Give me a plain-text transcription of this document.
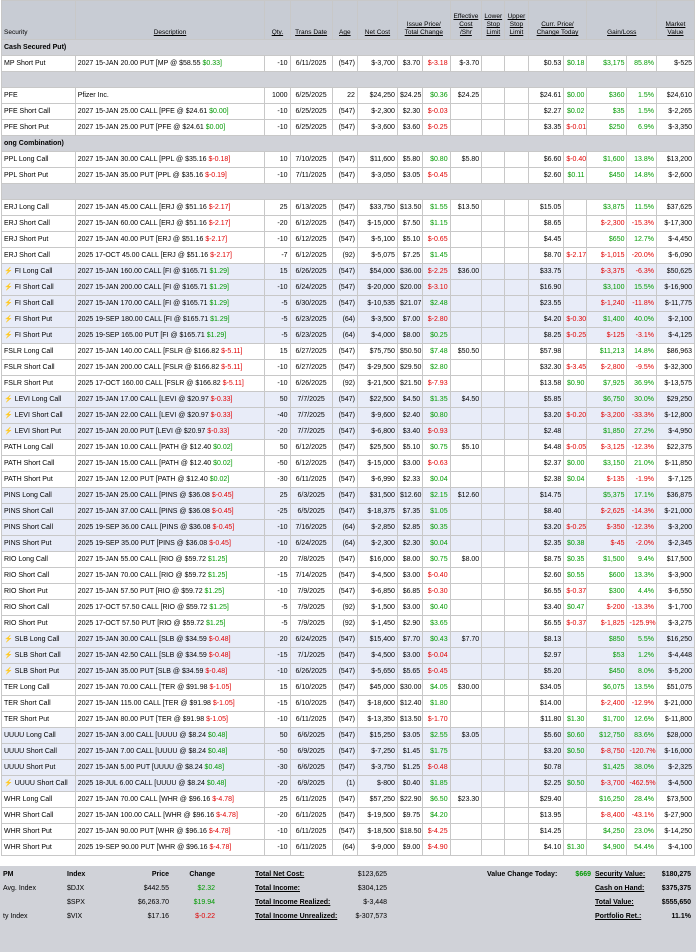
Security	Description	Qty.	Trans Date	Age	Net Cost	Issue Price/ Total Change		Effective Cost /Shr	Lower Stop Limit	Upper Stop Limit	Curr. Price/ Change Today		Gain/Loss		Market Value
Cash Secured Put)															
MP Short Put	2027 15-JAN 20.00 PUT [MP @ $58.55 $0.33]	-10	6/11/2025	(547)	$-3,700	$3.70	$-3.18	$-3.70			$0.53	$0.18	$3,175	85.8%	$-525

PFE	Pfizer Inc.	1000	6/25/2025	22	$24,250	$24.25	$0.36	$24.25			$24.61	$0.00	$360	1.5%	$24,610
PFE Short Call	2027 15-JAN 25.00 CALL [PFE @ $24.61 $0.00]	-10	6/25/2025	(547)	$-2,300	$2.30	$-0.03				$2.27	$0.02	$35	1.5%	$-2,265
PFE Short Put	2027 15-JAN 25.00 PUT [PFE @ $24.61 $0.00]	-10	6/25/2025	(547)	$-3,600	$3.60	$-0.25				$3.35	$-0.01	$250	6.9%	$-3,350
ong Combination)															
PPL Long Call	2027 15-JAN 30.00 CALL [PPL @ $35.16 $-0.18]	10	7/10/2025	(547)	$11,600	$5.80	$0.80	$5.80			$6.60	$-0.40	$1,600	13.8%	$13,200
PPL Short Put	2027 15-JAN 35.00 PUT [PPL @ $35.16 $-0.19]	-10	7/11/2025	(547)	$-3,050	$3.05	$-0.45				$2.60	$0.11	$450	14.8%	$-2,600

ERJ Long Call	2027 15-JAN 45.00 CALL [ERJ @ $51.16 $-2.17]	25	6/13/2025	(547)	$33,750	$13.50	$1.55	$13.50			$15.05		$3,875	11.5%	$37,625
ERJ Short Call	2027 15-JAN 60.00 CALL [ERJ @ $51.16 $-2.17]	-20	6/12/2025	(547)	$-15,000	$7.50	$1.15				$8.65		$-2,300	-15.3%	$-17,300
ERJ Short Put	2027 15-JAN 40.00 PUT [ERJ @ $51.16 $-2.17]	-10	6/12/2025	(547)	$-5,100	$5.10	$-0.65				$4.45		$650	12.7%	$-4,450
ERJ Short Call	2025 17-OCT 45.00 CALL [ERJ @ $51.16 $-2.17]	-7	6/12/2025	(92)	$-5,075	$7.25	$1.45				$8.70	$-2.17	$-1,015	-20.0%	$-6,090
⚡ FI Long Call	2027 15-JAN 160.00 CALL [FI @ $165.71 $1.29]	15	6/26/2025	(547)	$54,000	$36.00	$-2.25	$36.00			$33.75		$-3,375	-6.3%	$50,625
⚡ FI Short Call	2027 15-JAN 200.00 CALL [FI @ $165.71 $1.29]	-10	6/24/2025	(547)	$-20,000	$20.00	$-3.10				$16.90		$3,100	15.5%	$-16,900
⚡ FI Short Call	2027 15-JAN 170.00 CALL [FI @ $165.71 $1.29]	-5	6/30/2025	(547)	$-10,535	$21.07	$2.48				$23.55		$-1,240	-11.8%	$-11,775
⚡ FI Short Put	2025 19-SEP 180.00 CALL [FI @ $165.71 $1.29]	-5	6/23/2025	(64)	$-3,500	$7.00	$-2.80				$4.20	$-0.30	$1,400	40.0%	$-2,100
⚡ FI Short Put	2025 19-SEP 165.00 PUT [FI @ $165.71 $1.29]	-5	6/23/2025	(64)	$-4,000	$8.00	$0.25				$8.25	$-0.25	$-125	-3.1%	$-4,125
FSLR Long Call	2027 15-JAN 140.00 CALL [FSLR @ $166.82 $-5.11]	15	6/27/2025	(547)	$75,750	$50.50	$7.48	$50.50			$57.98		$11,213	14.8%	$86,963
FSLR Short Call	2027 15-JAN 200.00 CALL [FSLR @ $166.82 $-5.11]	-10	6/27/2025	(547)	$-29,500	$29.50	$2.80				$32.30	$-3.45	$-2,800	-9.5%	$-32,300
FSLR Short Put	2025 17-OCT 160.00 CALL [FSLR @ $166.82 $-5.11]	-10	6/26/2025	(92)	$-21,500	$21.50	$-7.93				$13.58	$0.90	$7,925	36.9%	$-13,575
⚡ LEVI Long Call	2027 15-JAN 17.00 CALL [LEVI @ $20.97 $-0.33]	50	7/7/2025	(547)	$22,500	$4.50	$1.35	$4.50			$5.85		$6,750	30.0%	$29,250
⚡ LEVI Short Call	2027 15-JAN 22.00 CALL [LEVI @ $20.97 $-0.33]	-40	7/7/2025	(547)	$-9,600	$2.40	$0.80				$3.20	$-0.20	$-3,200	-33.3%	$-12,800
⚡ LEVI Short Put	2027 15-JAN 20.00 PUT [LEVI @ $20.97 $-0.33]	-20	7/7/2025	(547)	$-6,800	$3.40	$-0.93				$2.48		$1,850	27.2%	$-4,950
PATH Long Call	2027 15-JAN 10.00 CALL [PATH @ $12.40 $0.02]	50	6/12/2025	(547)	$25,500	$5.10	$0.75	$5.10			$4.48	$-0.05	$-3,125	-12.3%	$22,375
PATH Short Call	2027 15-JAN 15.00 CALL [PATH @ $12.40 $0.02]	-50	6/12/2025	(547)	$-15,000	$3.00	$-0.63				$2.37	$0.00	$3,150	21.0%	$-11,850
PATH Short Put	2027 15-JAN 12.00 PUT [PATH @ $12.40 $0.02]	-30	6/11/2025	(547)	$-6,990	$2.33	$0.04				$2.38	$0.04	$-135	-1.9%	$-7,125
PINS Long Call	2027 15-JAN 25.00 CALL [PINS @ $36.08 $-0.45]	25	6/3/2025	(547)	$31,500	$12.60	$2.15	$12.60			$14.75		$5,375	17.1%	$36,875
PINS Short Call	2027 15-JAN 37.00 CALL [PINS @ $36.08 $-0.45]	-25	6/5/2025	(547)	$-18,375	$7.35	$1.05				$8.40		$-2,625	-14.3%	$-21,000
PINS Short Call	2025 19-SEP 36.00 CALL [PINS @ $36.08 $-0.45]	-10	7/16/2025	(64)	$-2,850	$2.85	$0.35				$3.20	$-0.25	$-350	-12.3%	$-3,200
PINS Short Put	2025 19-SEP 35.00 PUT [PINS @ $36.08 $-0.45]	-10	6/24/2025	(64)	$-2,300	$2.30	$0.04				$2.35	$0.38	$-45	-2.0%	$-2,345
RIO Long Call	2027 15-JAN 55.00 CALL [RIO @ $59.72 $1.25]	20	7/8/2025	(547)	$16,000	$8.00	$0.75	$8.00			$8.75	$0.35	$1,500	9.4%	$17,500
RIO Short Call	2027 15-JAN 70.00 CALL [RIO @ $59.72 $1.25]	-15	7/14/2025	(547)	$-4,500	$3.00	$-0.40				$2.60	$0.55	$600	13.3%	$-3,900
RIO Short Put	2027 15-JAN 57.50 PUT [RIO @ $59.72 $1.25]	-10	7/9/2025	(547)	$-6,850	$6.85	$-0.30				$6.55	$-0.37	$300	4.4%	$-6,550
RIO Short Call	2025 17-OCT 57.50 CALL [RIO @ $59.72 $1.25]	-5	7/9/2025	(92)	$-1,500	$3.00	$0.40				$3.40	$0.47	$-200	-13.3%	$-1,700
RIO Short Put	2025 17-OCT 57.50 PUT [RIO @ $59.72 $1.25]	-5	7/9/2025	(92)	$-1,450	$2.90	$3.65				$6.55	$-0.37	$-1,825	-125.9%	$-3,275
⚡ SLB Long Call	2027 15-JAN 30.00 CALL [SLB @ $34.59 $-0.48]	20	6/24/2025	(547)	$15,400	$7.70	$0.43	$7.70			$8.13		$850	5.5%	$16,250
⚡ SLB Short Call	2027 15-JAN 42.50 CALL [SLB @ $34.59 $-0.48]	-15	7/1/2025	(547)	$-4,500	$3.00	$-0.04				$2.97		$53	1.2%	$-4,448
⚡ SLB Short Put	2027 15-JAN 35.00 PUT [SLB @ $34.59 $-0.48]	-10	6/26/2025	(547)	$-5,650	$5.65	$-0.45				$5.20		$450	8.0%	$-5,200
TER Long Call	2027 15-JAN 70.00 CALL [TER @ $91.98 $-1.05]	15	6/10/2025	(547)	$45,000	$30.00	$4.05	$30.00			$34.05		$6,075	13.5%	$51,075
TER Short Call	2027 15-JAN 115.00 CALL [TER @ $91.98 $-1.05]	-15	6/10/2025	(547)	$-18,600	$12.40	$1.80				$14.00		$-2,400	-12.9%	$-21,000
TER Short Put	2027 15-JAN 80.00 PUT [TER @ $91.98 $-1.05]	-10	6/11/2025	(547)	$-13,350	$13.50	$-1.70				$11.80	$1.30	$1,700	12.6%	$-11,800
UUUU Long Call	2027 15-JAN 3.00 CALL [UUUU @ $8.24 $0.48]	50	6/6/2025	(547)	$15,250	$3.05	$2.55	$3.05			$5.60	$0.60	$12,750	83.6%	$28,000
UUUU Short Call	2027 15-JAN 7.00 CALL [UUUU @ $8.24 $0.48]	-50	6/9/2025	(547)	$-7,250	$1.45	$1.75				$3.20	$0.50	$-8,750	-120.7%	$-16,000
UUUU Short Put	2027 15-JAN 5.00 PUT [UUUU @ $8.24 $0.48]	-30	6/6/2025	(547)	$-3,750	$1.25	$-0.48				$0.78		$1,425	38.0%	$-2,325
⚡ UUUU Short Call	2025 18-JUL 6.00 CALL [UUUU @ $8.24 $0.48]	-20	6/9/2025	(1)	$-800	$0.40	$1.85				$2.25	$0.50	$-3,700	-462.5%	$-4,500
WHR Long Call	2027 15-JAN 70.00 CALL [WHR @ $96.16 $-4.78]	25	6/11/2025	(547)	$57,250	$22.90	$6.50	$23.30			$29.40		$16,250	28.4%	$73,500
WHR Short Call	2027 15-JAN 100.00 CALL [WHR @ $96.16 $-4.78]	-20	6/11/2025	(547)	$-19,500	$9.75	$4.20				$13.95		$-8,400	-43.1%	$-27,900
WHR Short Put	2027 15-JAN 90.00 PUT [WHR @ $96.16 $-4.78]	-10	6/11/2025	(547)	$-18,500	$18.50	$-4.25				$14.25		$4,250	23.0%	$-14,250
WHR Short Put	2025 19-SEP 90.00 PUT [WHR @ $96.16 $-4.78]	-10	6/11/2025	(64)	$-9,000	$9.00	$-4.90				$4.10	$1.30	$4,900	54.4%	$-4,100
PM	Index	Price	Change
Avg. Index	$DJX	$442.55	$2.32
	$SPX	$6,263.70	$19.94
ty Index	$VIX	$17.16	$-0.22
Total Net Cost:	$123,625
Total Income:	$304,125
Total Income Realized:	$-3,448
Total Income Unrealized:	$-307,573
Value Change Today:	$669 Security Value:	$180,275
Cash on Hand:	$375,375
Total Value:	$555,650
Portfolio Ret.:	11.1%
